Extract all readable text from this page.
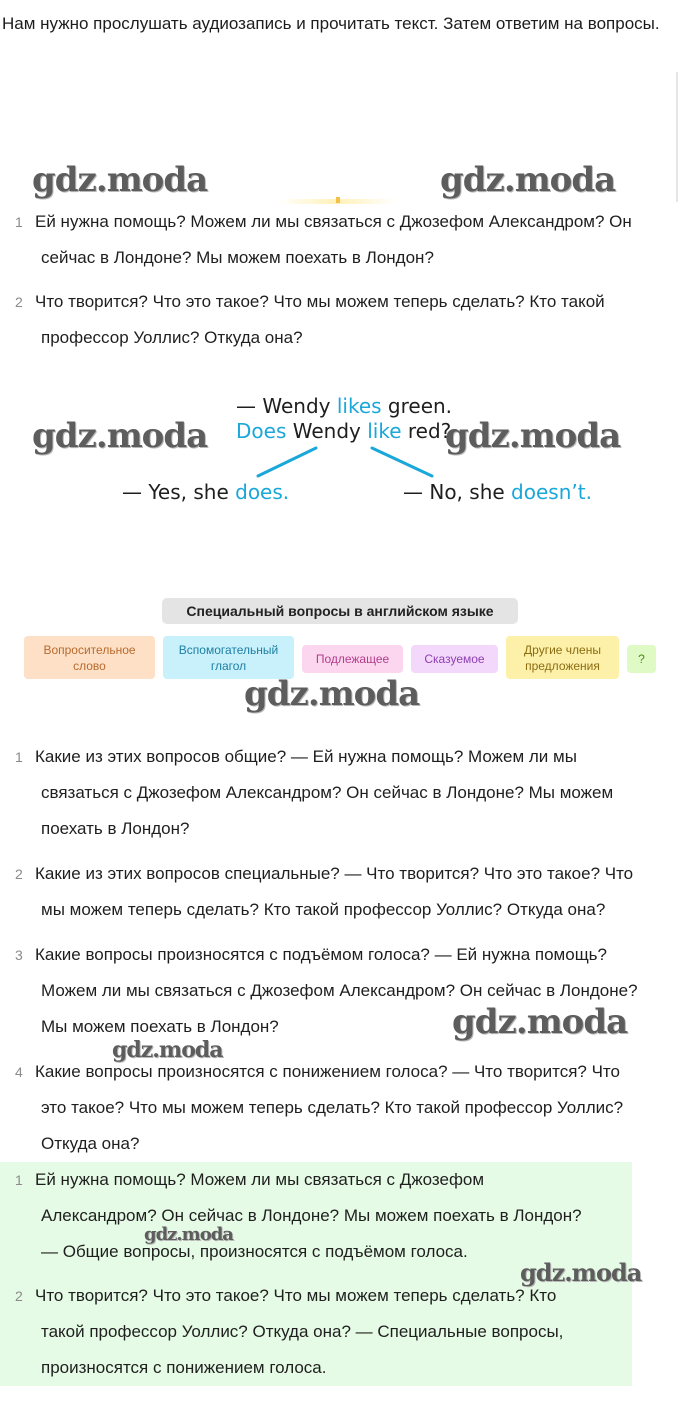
Нам нужно прослушать аудиозапись и прочитать текст. Затем ответим на вопросы.
gdz.moda	gdz.moda
1 Ей нужна помощь? Можем ли мы связаться с Джозефом Александром? Он
сейчас в Лондоне? Мы можем поехать в Лондон?
2 Что творится? Что это такое? Что мы можем теперь сделать? Кто такой
профессор Уоллис? Откуда она?
— Wendy likes green.
Does Wendy like red?
— Yes, she does.	— No, she doesn’t.
gdz.moda	gdz.moda
Специальный вопросы в английском языке
Вопросительное слово
Вспомогательный глагол	Подлежащее	Сказуемое
Другие члены предложения	?
gdz.moda
1 Какие из этих вопросов общие? — Ей нужна помощь? Можем ли мы
связаться с Джозефом Александром? Он сейчас в Лондоне? Мы можем
поехать в Лондон?
2 Какие из этих вопросов специальные? — Что творится? Что это такое? Что
мы можем теперь сделать? Кто такой профессор Уоллис? Откуда она?
3 Какие вопросы произносятся с подъёмом голоса? — Ей нужна помощь?
Можем ли мы связаться с Джозефом Александром? Он сейчас в Лондоне?
Мы можем поехать в Лондон?	gdz.moda
gdz.moda
4 Какие вопросы произносятся с понижением голоса? — Что творится? Что
это такое? Что мы можем теперь сделать? Кто такой профессор Уоллис?
Откуда она?
1 Ей нужна помощь? Можем ли мы связаться с Джозефом
Александром? Он сейчас в Лондоне? Мы можем поехать в Лондон?
— Общие вопросы, произносятся с подъёмом голоса.
gdz.moda
gdz.moda
2 Что творится? Что это такое? Что мы можем теперь сделать? Кто
такой профессор Уоллис? Откуда она? — Специальные вопросы,
произносятся с понижением голоса.
